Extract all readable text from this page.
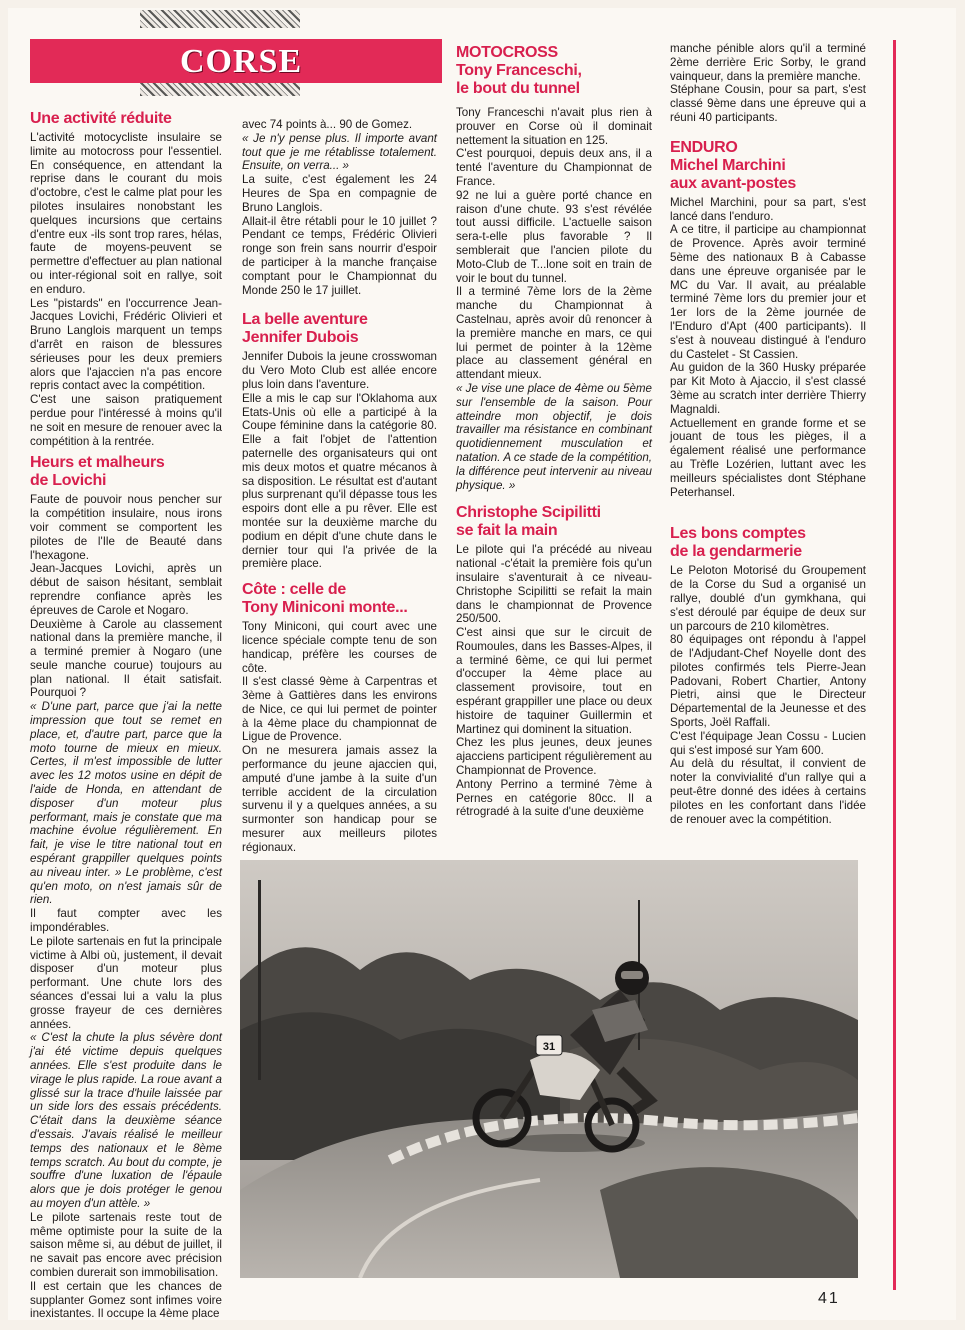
CORSE
Une activité réduite

L'activité motocycliste insulaire se limite au motocross pour l'essentiel. En conséquence, en attendant la reprise dans le courant du mois d'octobre, c'est le calme plat pour les pilotes insulaires nonobstant les quelques incursions que certains d'entre eux -ils sont trop rares, hélas, faute de moyens-peuvent se permettre d'effectuer au plan national ou inter-régional soit en rallye, soit en enduro.

Les "pistards" en l'occurrence Jean-Jacques Lovichi, Frédéric Olivieri et Bruno Langlois marquent un temps d'arrêt en raison de blessures sérieuses pour les deux premiers alors que l'ajaccien n'a pas encore repris contact avec la compétition.

C'est une saison pratiquement perdue pour l'intéressé à moins qu'il ne soit en mesure de renouer avec la compétition à la rentrée.

Heurs et malheurs
de Lovichi

Faute de pouvoir nous pencher sur la compétition insulaire, nous irons voir comment se comportent les pilotes de l'Ile de Beauté dans l'hexagone.

Jean-Jacques Lovichi, après un début de saison hésitant, semblait reprendre confiance après les épreuves de Carole et Nogaro.

Deuxième à Carole au classement national dans la première manche, il a terminé premier à Nogaro (une seule manche courue) toujours au plan national. Il était satisfait. Pourquoi ?

« D'une part, parce que j'ai la nette impression que tout se remet en place, et, d'autre part, parce que la moto tourne de mieux en mieux. Certes, il m'est impossible de lutter avec les 12 motos usine en dépit de l'aide de Honda, en attendant de disposer d'un moteur plus performant, mais je constate que ma machine évolue régulièrement. En fait, je vise le titre national tout en espérant grappiller quelques points au niveau inter. » Le problème, c'est qu'en moto, on n'est jamais sûr de rien.

Il faut compter avec les impondérables.

Le pilote sartenais en fut la principale victime à Albi où, justement, il devait disposer d'un moteur plus performant. Une chute lors des séances d'essai lui a valu la plus grosse frayeur de ces dernières années.

« C'est la chute la plus sévère dont j'ai été victime depuis quelques années. Elle s'est produite dans le virage le plus rapide. La roue avant a glissé sur la trace d'huile laissée par un side lors des essais précédents. C'était dans la deuxième séance d'essais. J'avais réalisé le meilleur temps des nationaux et le 8ème temps scratch. Au bout du compte, je souffre d'une luxation de l'épaule alors que je dois protéger le genou au moyen d'un attèle. »

Le pilote sartenais reste tout de même optimiste pour la suite de la saison même si, au début de juillet, il ne savait pas encore avec précision combien durerait son immobilisation.

Il est certain que les chances de supplanter Gomez sont infimes voire inexistantes. Il occupe la 4ème place

avec 74 points à... 90 de Gomez.

« Je n'y pense plus. Il importe avant tout que je me rétablisse totalement. Ensuite, on verra... »

La suite, c'est également les 24 Heures de Spa en compagnie de Bruno Langlois.

Allait-il être rétabli pour le 10 juillet ? Pendant ce temps, Frédéric Olivieri ronge son frein sans nourrir d'espoir de participer à la manche française comptant pour le Championnat du Monde 250 le 17 juillet.

La belle aventure
Jennifer Dubois

Jennifer Dubois la jeune crosswoman du Vero Moto Club est allée encore plus loin dans l'aventure.

Elle a mis le cap sur l'Oklahoma aux Etats-Unis où elle a participé à la Coupe féminine dans la catégorie 80. Elle a fait l'objet de l'attention paternelle des organisateurs qui ont mis deux motos et quatre mécanos à sa disposition. Le résultat est d'autant plus surprenant qu'il dépasse tous les espoirs dont elle a pu rêver. Elle est montée sur la deuxième marche du podium en dépit d'une chute dans le dernier tour qui l'a privée de la première place.

Côte : celle de
Tony Miniconi monte...

Tony Miniconi, qui court avec une licence spéciale compte tenu de son handicap, préfère les courses de côte.

Il s'est classé 9ème à Carpentras et 3ème à Gattières dans les environs de Nice, ce qui lui permet de pointer à la 4ème place du championnat de Ligue de Provence.

On ne mesurera jamais assez la performance du jeune ajaccien qui, amputé d'une jambe à la suite d'un terrible accident de la circulation survenu il y a quelques années, a su surmonter son handicap pour se mesurer aux meilleurs pilotes régionaux.

MOTOCROSS
Tony Franceschi,
le bout du tunnel

Tony Franceschi n'avait plus rien à prouver en Corse où il dominait nettement la situation en 125.

C'est pourquoi, depuis deux ans, il a tenté l'aventure du Championnat de France.

92 ne lui a guère porté chance en raison d'une chute. 93 s'est révélée tout aussi difficile. L'actuelle saison sera-t-elle plus favorable ? Il semblerait que l'ancien pilote du Moto-Club de T...lone soit en train de voir le bout du tunnel.

Il a terminé 7ème lors de la 2ème manche du Championnat à Castelnau, après avoir dû renoncer à la première manche en mars, ce qui lui permet de pointer à la 12ème place au classement général en attendant mieux.

« Je vise une place de 4ème ou 5ème sur l'ensemble de la saison. Pour atteindre mon objectif, je dois travailler ma résistance en combinant quotidiennement musculation et natation. A ce stade de la compétition, la différence peut intervenir au niveau physique. »

Christophe Scipilitti
se fait la main

Le pilote qui l'a précédé au niveau national -c'était la première fois qu'un insulaire s'aventurait à ce niveau- Christophe Scipilitti se refait la main dans le championnat de Provence 250/500.

C'est ainsi que sur le circuit de Roumoules, dans les Basses-Alpes, il a terminé 6ème, ce qui lui permet d'occuper la 4ème place au classement provisoire, tout en espérant grappiller une place ou deux histoire de taquiner Guillermin et Martinez qui dominent la situation.

Chez les plus jeunes, deux jeunes ajacciens participent régulièrement au Championnat de Provence.

Antony Perrino a terminé 7ème à Pernes en catégorie 80cc. Il a rétrogradé à la suite d'une deuxième

manche pénible alors qu'il a terminé 2ème derrière Eric Sorby, le grand vainqueur, dans la première manche.

Stéphane Cousin, pour sa part, s'est classé 9ème dans une épreuve qui a réuni 40 participants.

ENDURO
Michel Marchini
aux avant-postes

Michel Marchini, pour sa part, s'est lancé dans l'enduro.

A ce titre, il participe au championnat de Provence. Après avoir terminé 5ème des nationaux B à Cabasse dans une épreuve organisée par le MC du Var. Il avait, au préalable terminé 7ème lors du premier jour et 1er lors de la 2ème journée de l'Enduro d'Apt (400 participants). Il s'est à nouveau distingué à l'enduro du Castelet - St Cassien.

Au guidon de la 360 Husky préparée par Kit Moto à Ajaccio, il s'est classé 3ème au scratch inter derrière Thierry Magnaldi.

Actuellement en grande forme et se jouant de tous les pièges, il a également réalisé une performance au Trèfle Lozérien, luttant avec les meilleurs spécialistes dont Stéphane Peterhansel.

Les bons comptes
de la gendarmerie

Le Peloton Motorisé du Groupement de la Corse du Sud a organisé un rallye, doublé d'un gymkhana, qui s'est déroulé par équipe de deux sur un parcours de 210 kilomètres.

80 équipages ont répondu à l'appel de l'Adjudant-Chef Noyelle dont des pilotes confirmés tels Pierre-Jean Padovani, Robert Chartier, Antony Pietri, ainsi que le Directeur Départemental de la Jeunesse et des Sports, Joël Raffali.

C'est l'équipage Jean Cossu - Lucien qui s'est imposé sur Yam 600.

Au delà du résultat, il convient de noter la convivialité d'un rallye qui a peut-être donné des idées à certains pilotes en les confortant dans l'idée de renouer avec la compétition.

31
41
